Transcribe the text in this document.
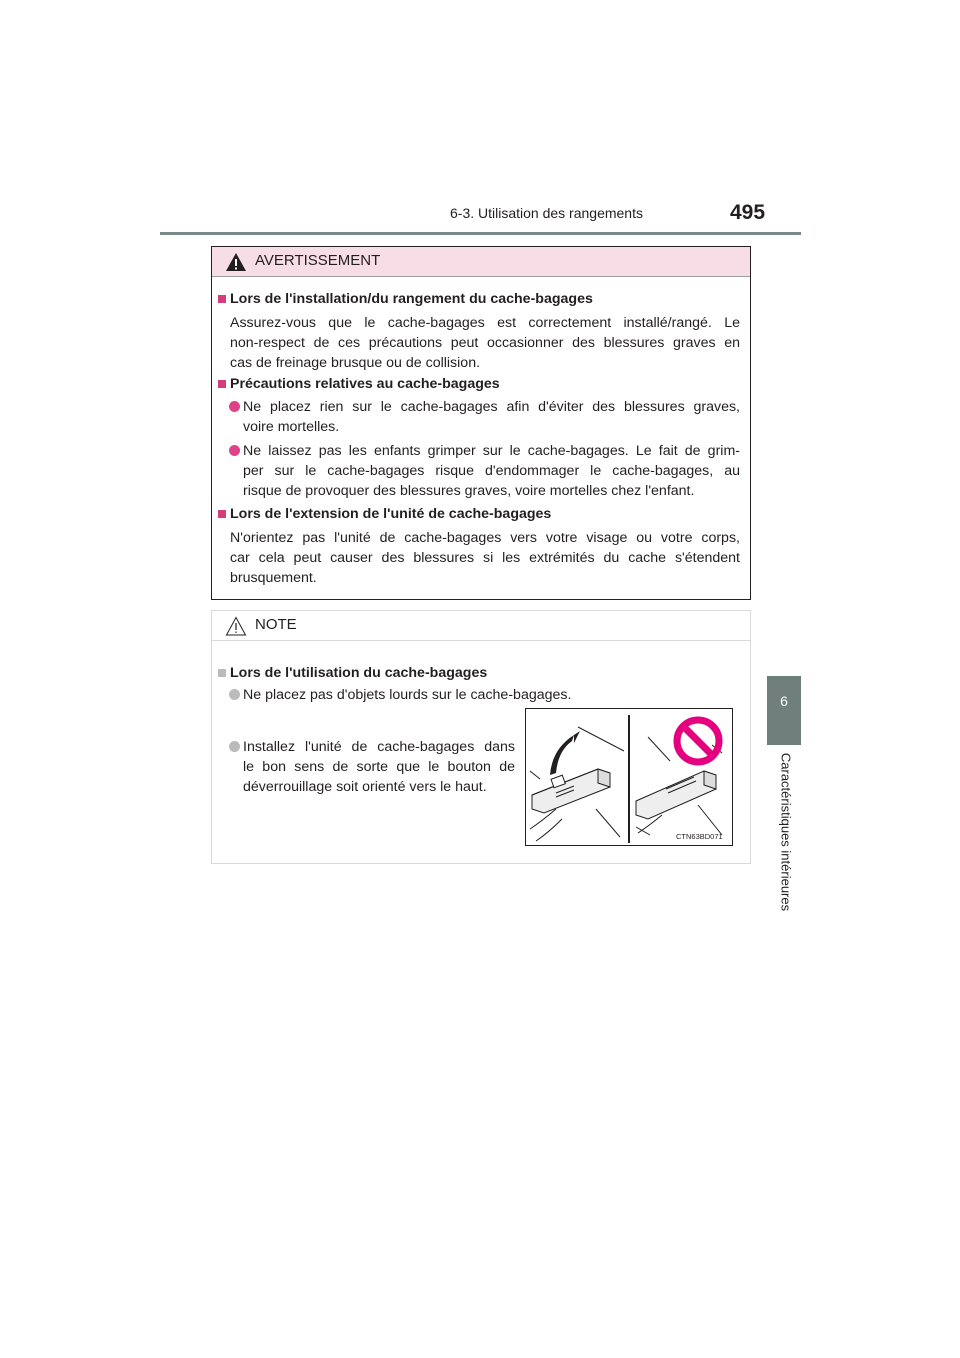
6-3. Utilisation des rangements	495
6
Caractéristiques intérieures
AVERTISSEMENT
Lors de l'installation/du rangement du cache-bagages
Assurez-vous que le cache-bagages est correctement installé/rangé. Le
non-respect de ces précautions peut occasionner des blessures graves en
cas de freinage brusque ou de collision.
Précautions relatives au cache-bagages
Ne placez rien sur le cache-bagages afin d'éviter des blessures graves,
voire mortelles.
Ne laissez pas les enfants grimper sur le cache-bagages. Le fait de grim-
per sur le cache-bagages risque d'endommager le cache-bagages, au
risque de provoquer des blessures graves, voire mortelles chez l'enfant.
Lors de l'extension de l'unité de cache-bagages
N'orientez pas l'unité de cache-bagages vers votre visage ou votre corps,
car cela peut causer des blessures si les extrémités du cache s'étendent
brusquement.
NOTE
Lors de l'utilisation du cache-bagages
Ne placez pas d'objets lourds sur le cache-bagages.
Installez l'unité de cache-bagages dans
le bon sens de sorte que le bouton de
déverrouillage soit orienté vers le haut.
CTN63BD071
